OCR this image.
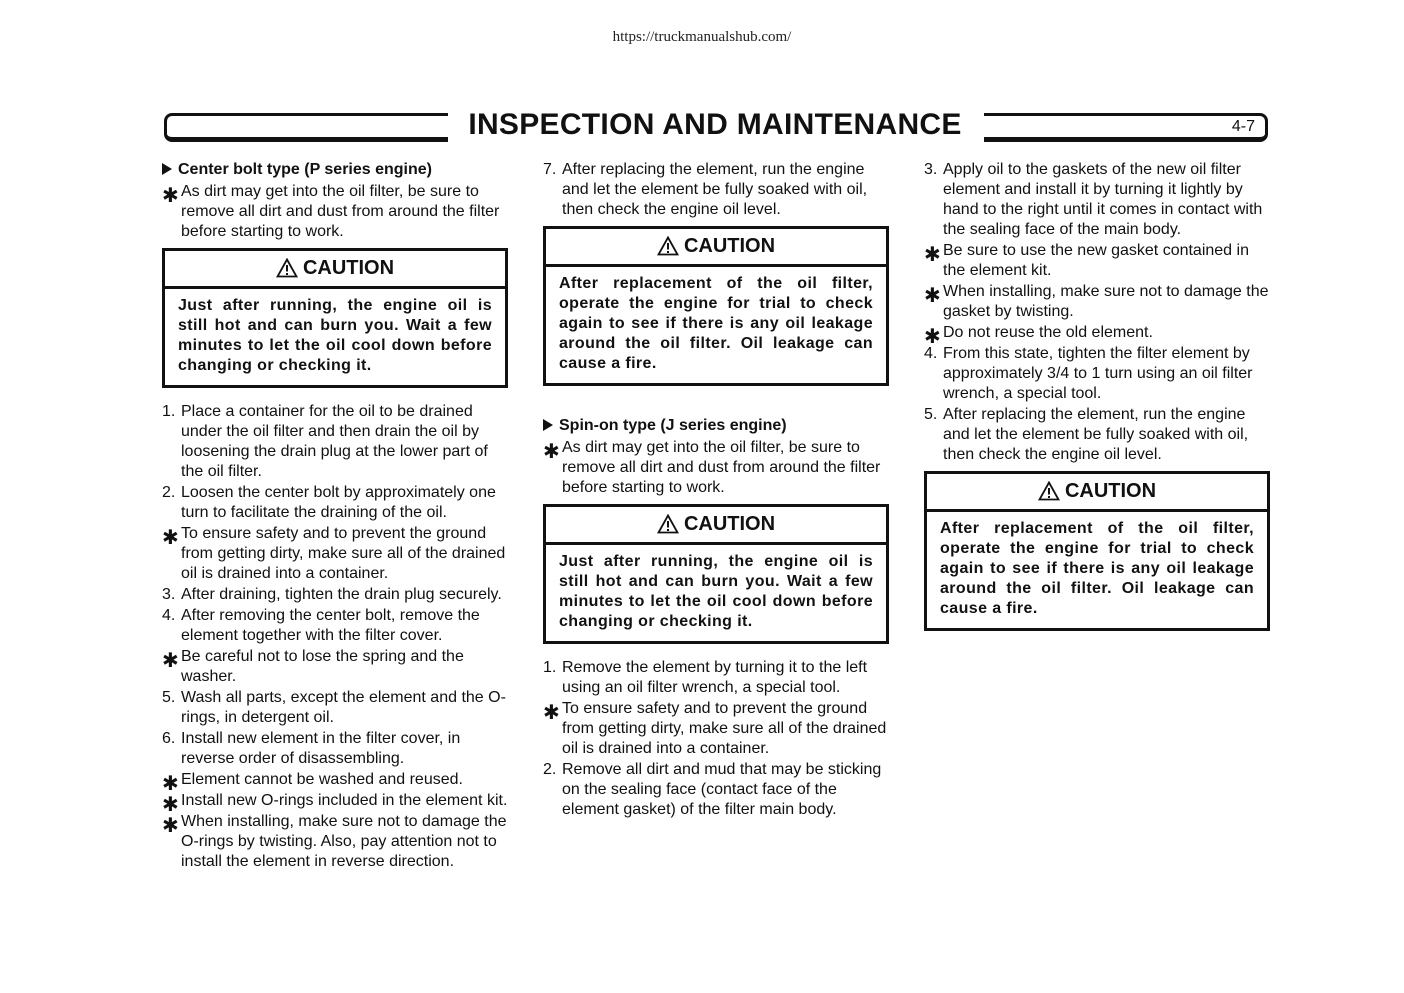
https://truckmanualshub.com/
INSPECTION AND MAINTENANCE	4-7
Center bolt type (P series engine)
✱ As dirt may get into the oil filter, be sure to remove all dirt and dust from around the filter before starting to work.
CAUTION
Just after running, the engine oil is still hot and can burn you. Wait a few minutes to let the oil cool down before changing or checking it.
1. Place a container for the oil to be drained under the oil filter and then drain the oil by loosening the drain plug at the lower part of the oil filter.
2. Loosen the center bolt by approximately one turn to facilitate the draining of the oil.
✱ To ensure safety and to prevent the ground from getting dirty, make sure all of the drained oil is drained into a container.
3. After draining, tighten the drain plug securely.
4. After removing the center bolt, remove the element together with the filter cover.
✱ Be careful not to lose the spring and the washer.
5. Wash all parts, except the element and the O-rings, in detergent oil.
6. Install new element in the filter cover, in reverse order of disassembling.
✱ Element cannot be washed and reused.
✱ Install new O-rings included in the element kit.
✱ When installing, make sure not to damage the O-rings by twisting. Also, pay attention not to install the element in reverse direction.
7. After replacing the element, run the engine and let the element be fully soaked with oil, then check the engine oil level.
CAUTION
After replacement of the oil filter, operate the engine for trial to check again to see if there is any oil leakage around the oil filter. Oil leakage can cause a fire.
Spin-on type (J series engine)
✱ As dirt may get into the oil filter, be sure to remove all dirt and dust from around the filter before starting to work.
CAUTION
Just after running, the engine oil is still hot and can burn you. Wait a few minutes to let the oil cool down before changing or checking it.
1. Remove the element by turning it to the left using an oil filter wrench, a special tool.
✱ To ensure safety and to prevent the ground from getting dirty, make sure all of the drained oil is drained into a container.
2. Remove all dirt and mud that may be sticking on the sealing face (contact face of the element gasket) of the filter main body.
3. Apply oil to the gaskets of the new oil filter element and install it by turning it lightly by hand to the right until it comes in contact with the sealing face of the main body.
✱ Be sure to use the new gasket contained in the element kit.
✱ When installing, make sure not to damage the gasket by twisting.
✱ Do not reuse the old element.
4. From this state, tighten the filter element by approximately 3/4 to 1 turn using an oil filter wrench, a special tool.
5. After replacing the element, run the engine and let the element be fully soaked with oil, then check the engine oil level.
CAUTION
After replacement of the oil filter, operate the engine for trial to check again to see if there is any oil leakage around the oil filter. Oil leakage can cause a fire.
